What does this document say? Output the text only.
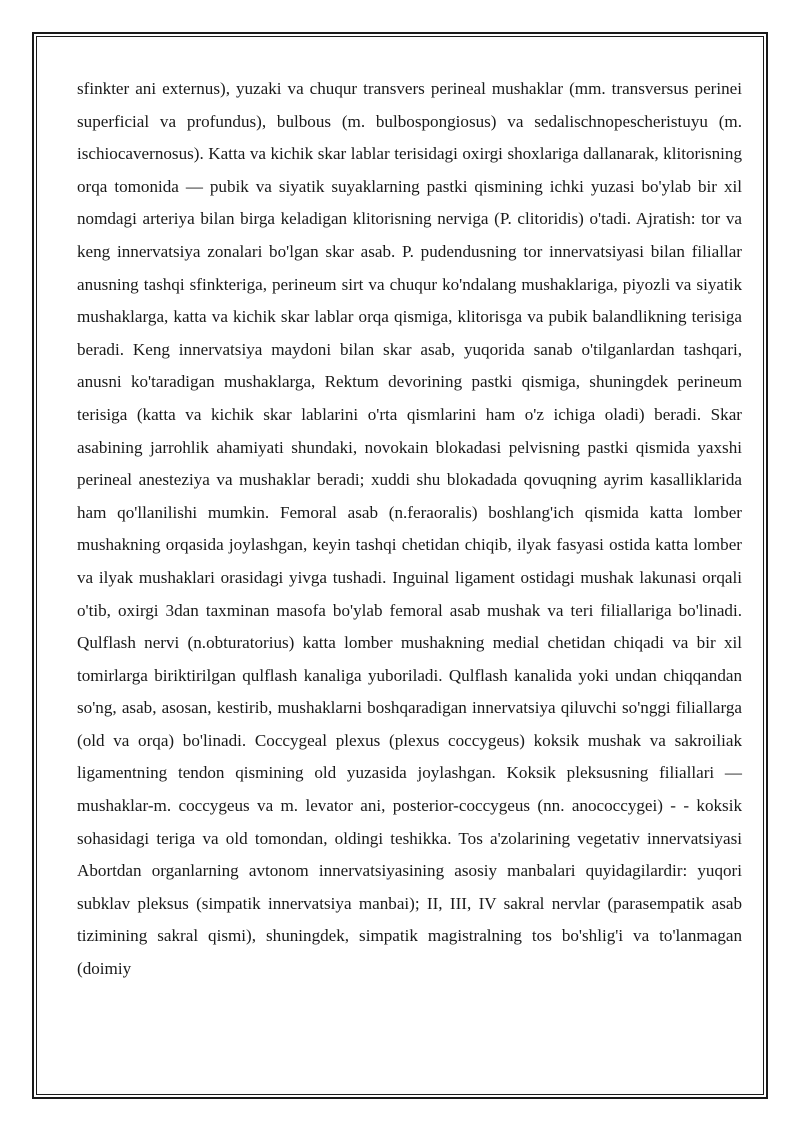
sfinkter ani externus), yuzaki va chuqur transvers perineal mushaklar (mm. transversus perinei superficial va profundus), bulbous (m. bulbospongiosus) va sedalischnopescheristuyu (m. ischiocavernosus). Katta va kichik skar lablar terisidagi oxirgi shoxlariga dallanarak, klitorisning orqa tomonida — pubik va siyatik suyaklarning pastki qismining ichki yuzasi bo'ylab bir xil nomdagi arteriya bilan birga keladigan klitorisning nerviga (P. clitoridis) o'tadi. Ajratish: tor va keng innervatsiya zonalari bo'lgan skar asab. P. pudendusning tor innervatsiyasi bilan filiallar anusning tashqi sfinkteriga, perineum sirt va chuqur ko'ndalang mushaklariga, piyozli va siyatik mushaklarga, katta va kichik skar lablar orqa qismiga, klitorisga va pubik balandlikning terisiga beradi. Keng innervatsiya maydoni bilan skar asab, yuqorida sanab o'tilganlardan tashqari, anusni ko'taradigan mushaklarga, Rektum devorining pastki qismiga, shuningdek perineum terisiga (katta va kichik skar lablarini o'rta qismlarini ham o'z ichiga oladi) beradi. Skar asabining jarrohlik ahamiyati shundaki, novokain blokadasi pelvisning pastki qismida yaxshi perineal anesteziya va mushaklar beradi; xuddi shu blokadada qovuqning ayrim kasalliklarida ham qo'llanilishi mumkin. Femoral asab (n.feraoralis) boshlang'ich qismida katta lomber mushakning orqasida joylashgan, keyin tashqi chetidan chiqib, ilyak fasyasi ostida katta lomber va ilyak mushaklari orasidagi yivga tushadi. Inguinal ligament ostidagi mushak lakunasi orqali o'tib, oxirgi 3dan taxminan masofa bo'ylab femoral asab mushak va teri filiallariga bo'linadi. Qulflash nervi (n.obturatorius) katta lomber mushakning medial chetidan chiqadi va bir xil tomirlarga biriktirilgan qulflash kanaliga yuboriladi. Qulflash kanalida yoki undan chiqqandan so'ng, asab, asosan, kestirib, mushaklarni boshqaradigan innervatsiya qiluvchi so'nggi filiallarga (old va orqa) bo'linadi. Coccygeal plexus (plexus coccygeus) koksik mushak va sakroiliak ligamentning tendon qismining old yuzasida joylashgan. Koksik pleksusning filiallari — mushaklar-m. coccygeus va m. levator ani, posterior-coccygeus (nn. anococcygei) - - koksik sohasidagi teriga va old tomondan, oldingi teshikka. Tos a'zolarining vegetativ innervatsiyasi Abortdan organlarning avtonom innervatsiyasining asosiy manbalari quyidagilardir: yuqori subklav pleksus (simpatik innervatsiya manbai); II, III, IV sakral nervlar (parasempatik asab tizimining sakral qismi), shuningdek, simpatik magistralning tos bo'shlig'i va to'lanmagan (doimiy
